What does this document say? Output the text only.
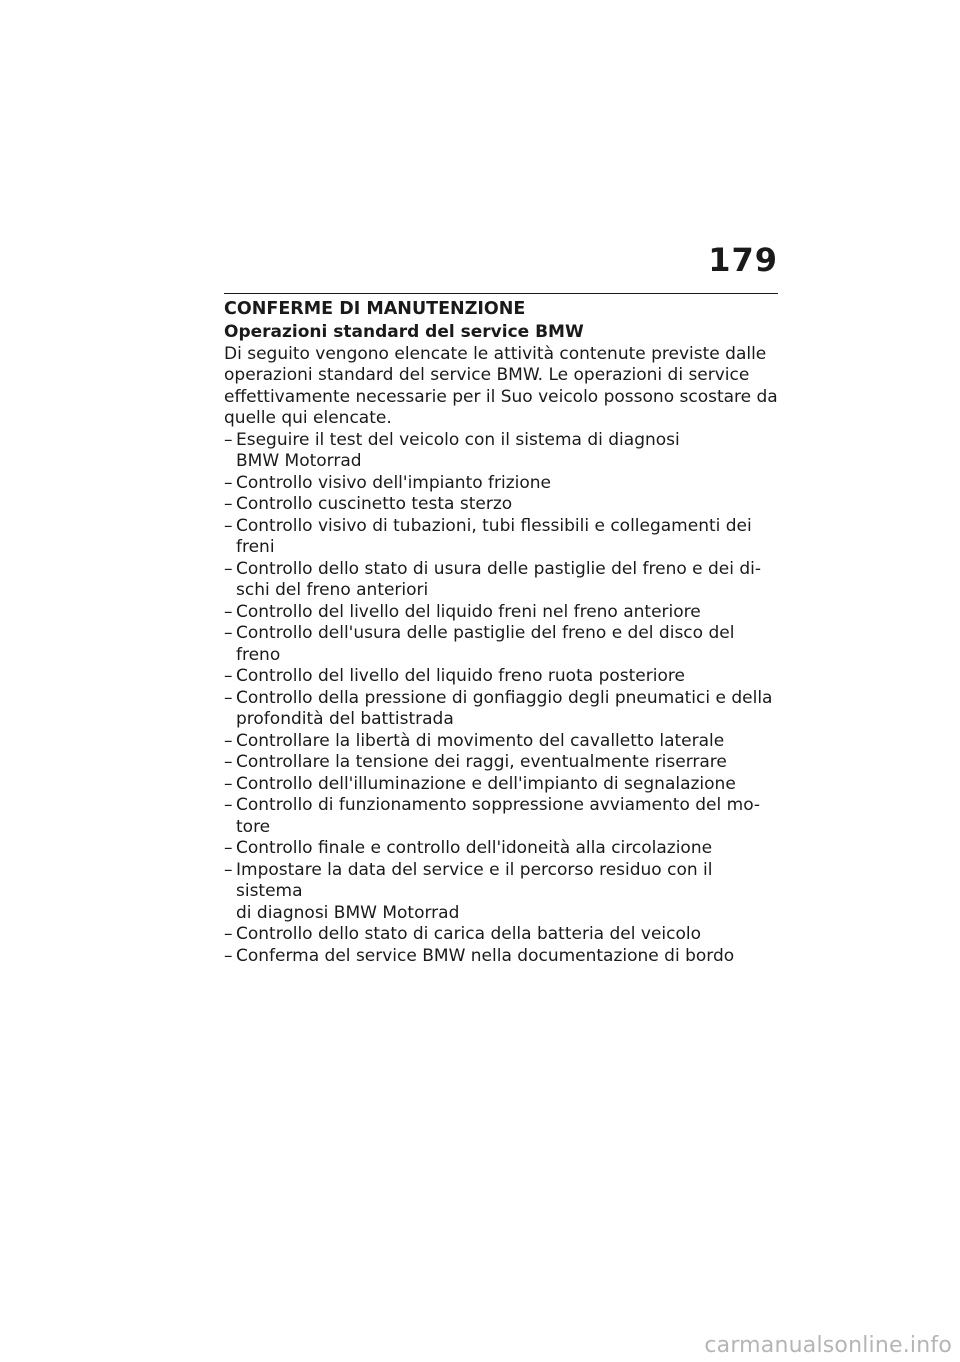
179
CONFERME DI MANUTENZIONE
Operazioni standard del service BMW
Di seguito vengono elencate le attività contenute previste dalle
operazioni standard del service BMW. Le operazioni di service
effettivamente necessarie per il Suo veicolo possono scostare da
quelle qui elencate.
– Eseguire il test del veicolo con il sistema di diagnosi
BMW Motorrad
– Controllo visivo dell'impianto frizione
– Controllo cuscinetto testa sterzo
– Controllo visivo di tubazioni, tubi flessibili e collegamenti dei
freni
– Controllo dello stato di usura delle pastiglie del freno e dei di-
schi del freno anteriori
– Controllo del livello del liquido freni nel freno anteriore
– Controllo dell'usura delle pastiglie del freno e del disco del freno
– Controllo del livello del liquido freno ruota posteriore
– Controllo della pressione di gonfiaggio degli pneumatici e della
profondità del battistrada
– Controllare la libertà di movimento del cavalletto laterale
– Controllare la tensione dei raggi, eventualmente riserrare
– Controllo dell'illuminazione e dell'impianto di segnalazione
– Controllo di funzionamento soppressione avviamento del mo-
tore
– Controllo finale e controllo dell'idoneità alla circolazione
– Impostare la data del service e il percorso residuo con il sistema
di diagnosi BMW Motorrad
– Controllo dello stato di carica della batteria del veicolo
– Conferma del service BMW nella documentazione di bordo
carmanualsonline.info
